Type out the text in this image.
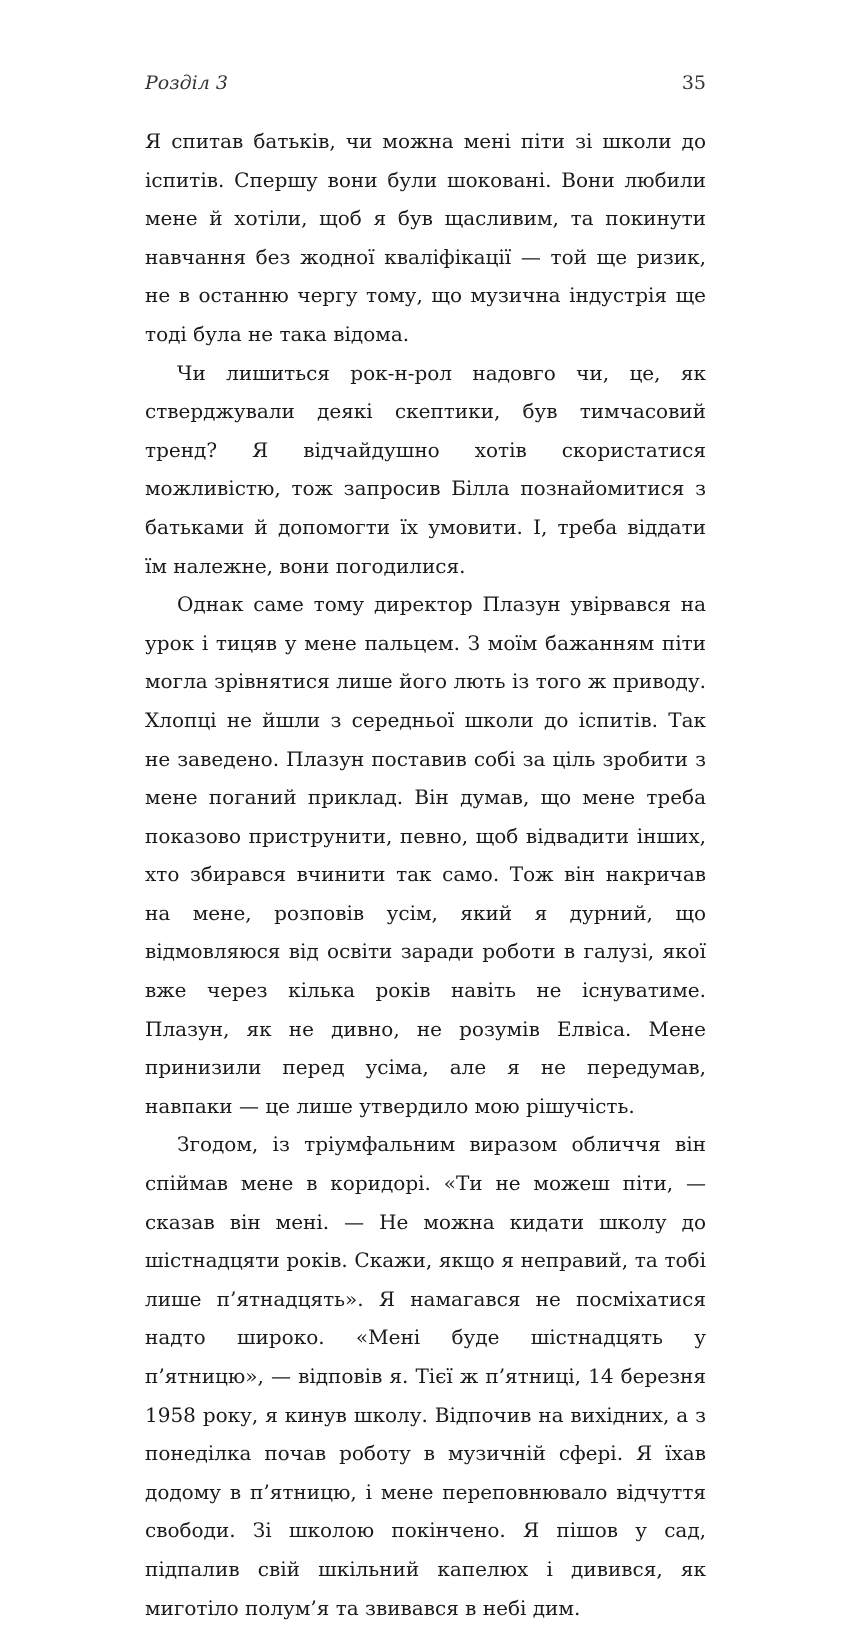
Розділ 3	35

Я спитав батьків, чи можна мені піти зі школи до іспитів. Спершу вони були шоковані. Вони любили мене й хотіли, щоб я був щасливим, та покинути навчання без жодної кваліфікації — той ще ризик, не в останню чергу тому, що музична індустрія ще тоді була не така відома.

Чи лишиться рок-н-рол надовго чи, це, як стверджували деякі скептики, був тимчасовий тренд? Я відчайдушно хотів скористатися можливістю, тож запросив Білла познайомитися з батьками й допомогти їх умовити. І, треба віддати їм належне, вони погодилися.

Однак саме тому директор Плазун увірвався на урок і тицяв у мене пальцем. З моїм бажанням піти могла зрівнятися лише його лють із того ж приводу. Хлопці не йшли з середньої школи до іспитів. Так не заведено. Плазун поставив собі за ціль зробити з мене поганий приклад. Він думав, що мене треба показово приструнити, певно, щоб відвадити інших, хто збирався вчинити так само. Тож він накричав на мене, розповів усім, який я дурний, що відмовляюся від освіти заради роботи в галузі, якої вже через кілька років навіть не існуватиме. Плазун, як не дивно, не розумів Елвіса. Мене принизили перед усіма, але я не передумав, навпаки — це лише утвердило мою рішучість.

Згодом, із тріумфальним виразом обличчя він спіймав мене в коридорі. «Ти не можеш піти, — сказав він мені. — Не можна кидати школу до шістнадцяти років. Скажи, якщо я неправий, та тобі лише п’ятнадцять». Я намагався не посміхатися надто широко. «Мені буде шістнадцять у п’ятницю», — відповів я. Тієї ж п’ятниці, 14 березня 1958 року, я кинув школу. Відпочив на вихідних, а з понеділка почав роботу в музичній сфері. Я їхав додому в п’ятницю, і мене переповнювало відчуття свободи. Зі школою покінчено. Я пішов у сад, підпалив свій шкільний капелюх і дивився, як миготіло полум’я та звивався в небі дим.
